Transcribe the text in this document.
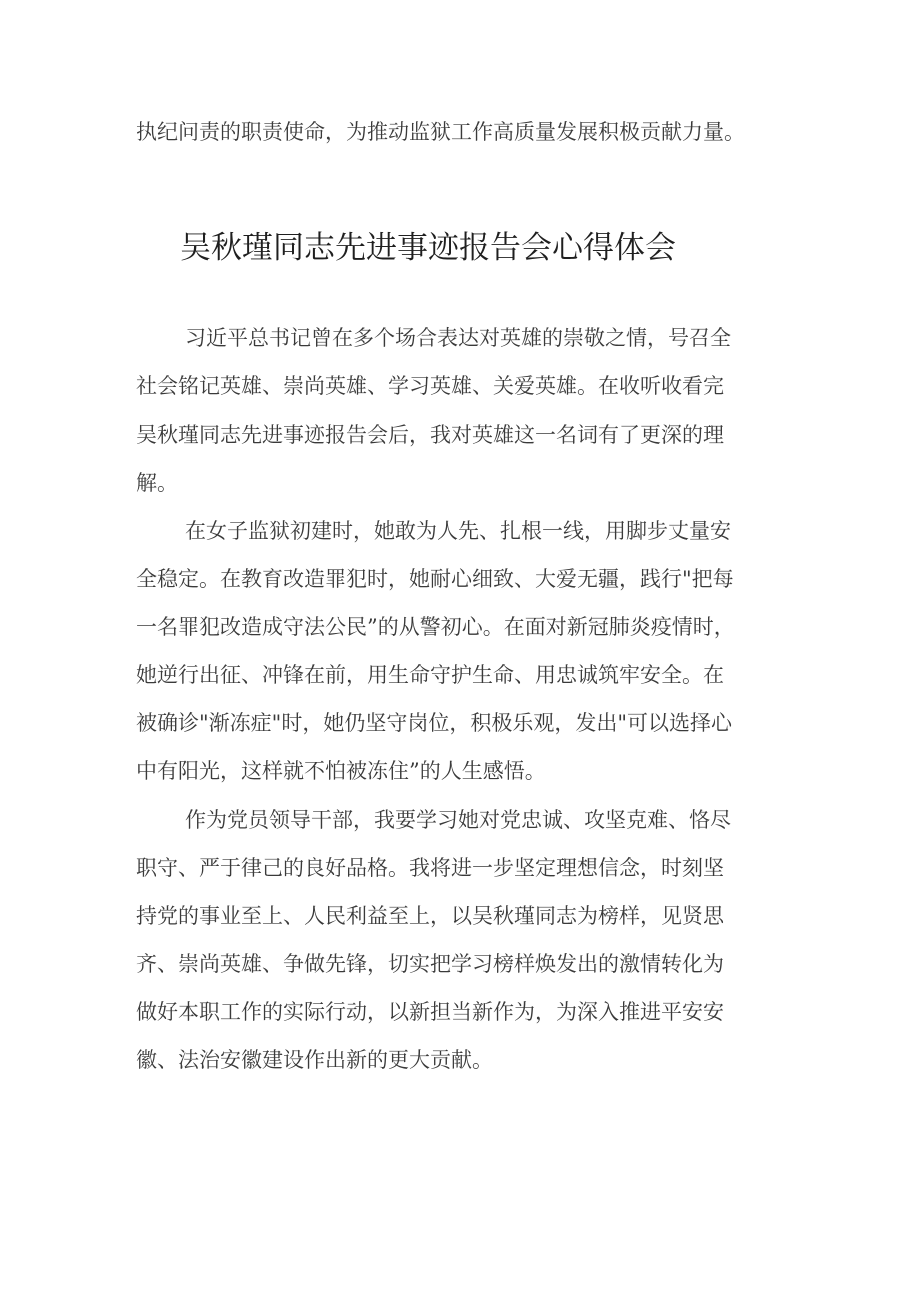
执纪问责的职责使命，为推动监狱工作高质量发展积极贡献力量。
吴秋瑾同志先进事迹报告会心得体会
习近平总书记曾在多个场合表达对英雄的崇敬之情，号召全
社会铭记英雄、崇尚英雄、学习英雄、关爱英雄。在收听收看完
吴秋瑾同志先进事迹报告会后，我对英雄这一名词有了更深的理
解。
在女子监狱初建时，她敢为人先、扎根一线，用脚步丈量安
全稳定。在教育改造罪犯时，她耐心细致、大爱无疆，践行"把每
一名罪犯改造成守法公民”的从警初心。在面对新冠肺炎疫情时，
她逆行出征、冲锋在前，用生命守护生命、用忠诚筑牢安全。在
被确诊"渐冻症"时，她仍坚守岗位，积极乐观，发出"可以选择心
中有阳光，这样就不怕被冻住”的人生感悟。
作为党员领导干部，我要学习她对党忠诚、攻坚克难、恪尽
职守、严于律己的良好品格。我将进一步坚定理想信念，时刻坚
持党的事业至上、人民利益至上，以吴秋瑾同志为榜样，见贤思
齐、崇尚英雄、争做先锋，切实把学习榜样焕发出的激情转化为
做好本职工作的实际行动，以新担当新作为，为深入推进平安安
徽、法治安徽建设作出新的更大贡献。
